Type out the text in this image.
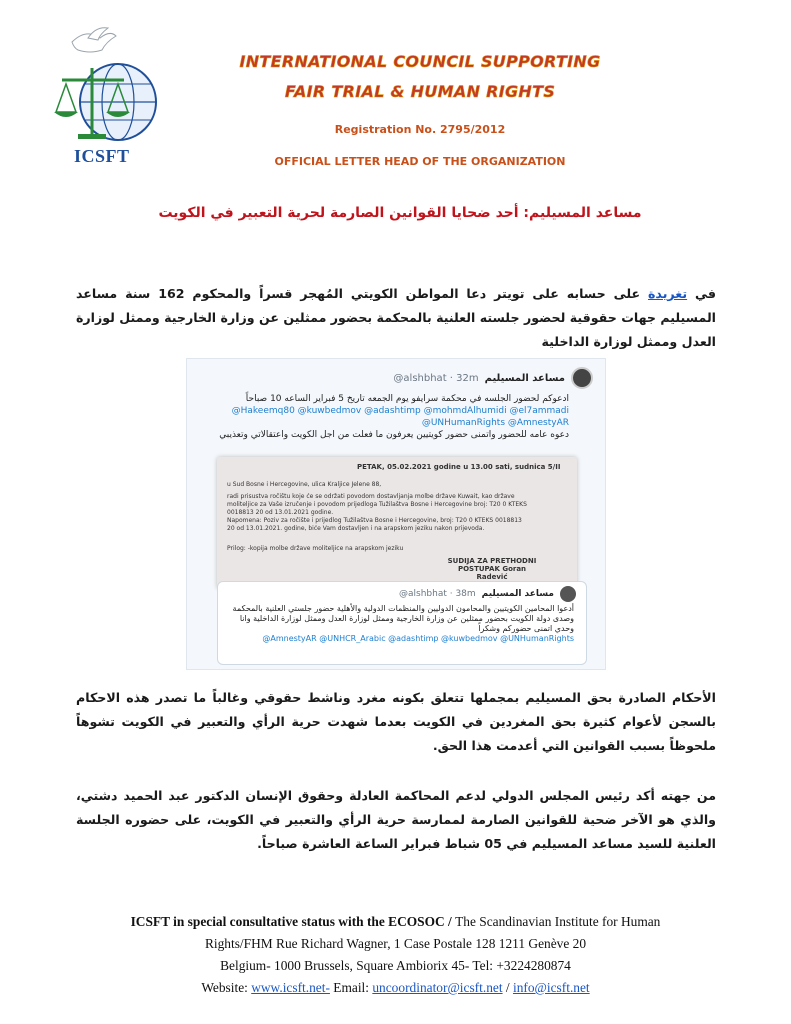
ICSFT
INTERNATIONAL COUNCIL SUPPORTING
FAIR TRIAL & HUMAN RIGHTS
Registration No. 2795/2012
OFFICIAL LETTER HEAD OF THE ORGANIZATION
مساعد المسيليم: أحد ضحايا القوانين الصارمة لحرية التعبير في الكويت
في تغريدة على حسابه على تويتر دعا المواطن الكويتي المُهجر قسراً والمحكوم 162 سنة مساعد المسيليم جهات حقوقية لحضور جلسته العلنية بالمحكمة بحضور ممثلين عن وزارة الخارجية وممثل لوزارة العدل وممثل لوزارة الداخلية
مساعد المسيليم
@alshbhat · 32m
ادعوكم لحضور الجلسه في محكمة سرايفو يوم الجمعه تاريخ 5 فبراير الساعه 10 صباحاً
@Hakeemq80 @kuwbedmov @adashtimp @mohmdAlhumidi @el7ammadi @UNHumanRights @AmnestyAR
دعوه عامه للحضور واتمنى حضور كويتيين يعرفون ما فعلت من اجل الكويت واعتقالاتي وتعذيبي
PETAK, 05.02.2021 godine u 13.00 sati, sudnica 5/II
u Sud Bosne i Hercegovine, ulica Kraljice Jelene 88,
radi prisustva ročištu koje će se održati povodom dostavljanja molbe države Kuwait, kao države moliteljice za Vaše izručenje i povodom prijedloga Tužilaštva Bosne i Hercegovine broj: T20 0 KTEKS 0018813 20 od 13.01.2021 godine.
Napomena: Poziv za ročište i prijedlog Tužilaštva Bosne i Hercegovine, broj: T20 0 KTEKS 0018813 20 od 13.01.2021. godine, biće Vam dostavljen i na arapskom jeziku nakon prijevoda.
Prilog: -kopija molbe države moliteljice na arapskom jeziku
SUDIJA ZA PRETHODNI POSTUPAK Goran Radević
مساعد المسيليم
@alshbhat · 38m
أدعوا المحامين الكويتيين والمحامون الدوليين والمنظمات الدولية والأهلية حضور جلستي العلنية بالمحكمة وصدى دولة الكويت بحضور ممثلين عن وزارة الخارجية وممثل لوزارة العدل وممثل لوزارة الداخلية وانا وحدي اتمنى حضوركم وشكراً
@AmnestyAR @UNHCR_Arabic @adashtimp @kuwbedmov @UNHumanRights
الأحكام الصادرة بحق المسيليم بمجملها تتعلق بكونه مغرد وناشط حقوقي وغالباً ما تصدر هذه الاحكام بالسجن لأعوام كثيرة بحق المغردين في الكويت بعدما شهدت حرية الرأي والتعبير في الكويت تشوهاً ملحوظاً بسبب القوانين التي أعدمت هذا الحق.
من جهته أكد رئيس المجلس الدولي لدعم المحاكمة العادلة وحقوق الإنسان الدكتور عبد الحميد دشتي، والذي هو الآخر ضحية للقوانين الصارمة لممارسة حرية الرأي والتعبير في الكويت، على حضوره الجلسة العلنية للسيد مساعد المسيليم في 05 شباط فبراير الساعة العاشرة صباحاً.
ICSFT in special consultative status with the ECOSOC / The Scandinavian Institute for Human
Rights/FHM Rue Richard Wagner, 1 Case Postale 128 1211 Genève 20
Belgium- 1000 Brussels, Square Ambiorix 45- Tel: +3224280874
Website: www.icsft.net- Email: uncoordinator@icsft.net / info@icsft.net
